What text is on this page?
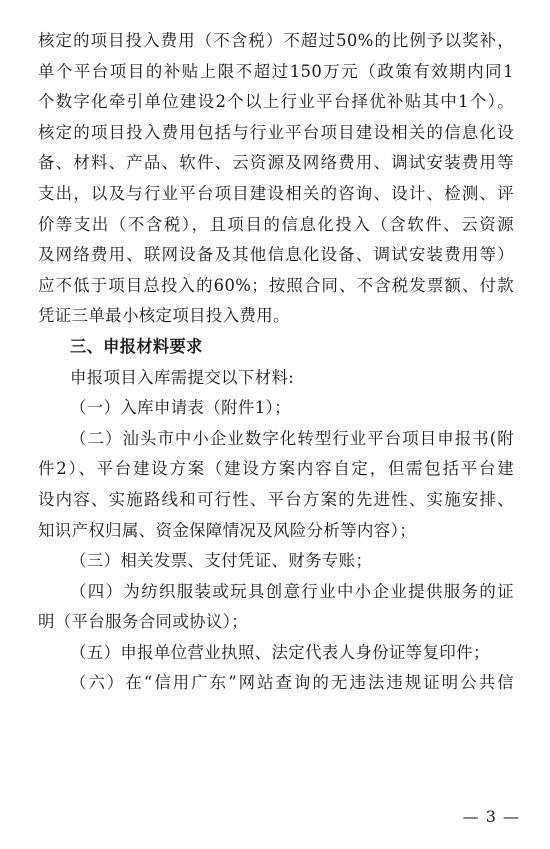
核定的项目投入费用（不含税）不超过50%的比例予以奖补，
单个平台项目的补贴上限不超过150万元（政策有效期内同1
个数字化牵引单位建设2个以上行业平台择优补贴其中1个）。
核定的项目投入费用包括与行业平台项目建设相关的信息化设
备、材料、产品、软件、云资源及网络费用、调试安装费用等
支出，以及与行业平台项目建设相关的咨询、设计、检测、评
价等支出（不含税），且项目的信息化投入（含软件、云资源
及网络费用、联网设备及其他信息化设备、调试安装费用等）
应不低于项目总投入的60%；按照合同、不含税发票额、付款
凭证三单最小核定项目投入费用。
三、申报材料要求
申报项目入库需提交以下材料:
（一）入库申请表（附件1）；
（二）汕头市中小企业数字化转型行业平台项目申报书(附
件2）、平台建设方案（建设方案内容自定，但需包括平台建
设内容、实施路线和可行性、平台方案的先进性、实施安排、
知识产权归属、资金保障情况及风险分析等内容）；
（三）相关发票、支付凭证、财务专账；
（四）为纺织服装或玩具创意行业中小企业提供服务的证
明（平台服务合同或协议）；
（五）申报单位营业执照、法定代表人身份证等复印件；
（六）在“信用广东”网站查询的无违法违规证明公共信
— 3 —
